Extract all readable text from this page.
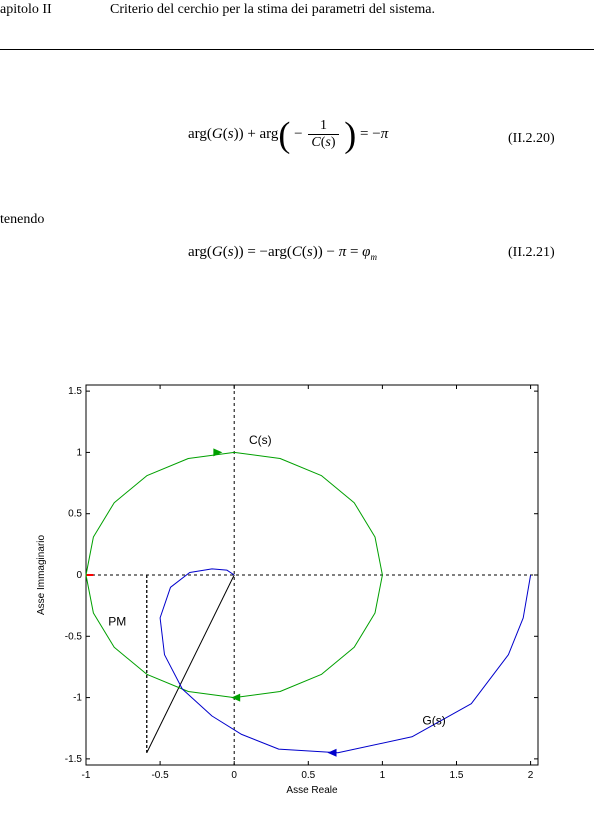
apitolo II	Criterio del cerchio per la stima dei parametri del sistema.
$arg(G(s)) + arg( - \frac{1}{C(s)}$ ) = −π	(II.2.20)
tenendo
$arg(G(s)) = -arg(C(s)) - \pi = \varphi_m$	(II.2.21)
-1	-0.5	0	0.5	1	1.5	2
-1.5
-1
-0.5
0
0.5
1
1.5
Asse Reale
Asse Immaginario
C(s)
G(s)
PM
